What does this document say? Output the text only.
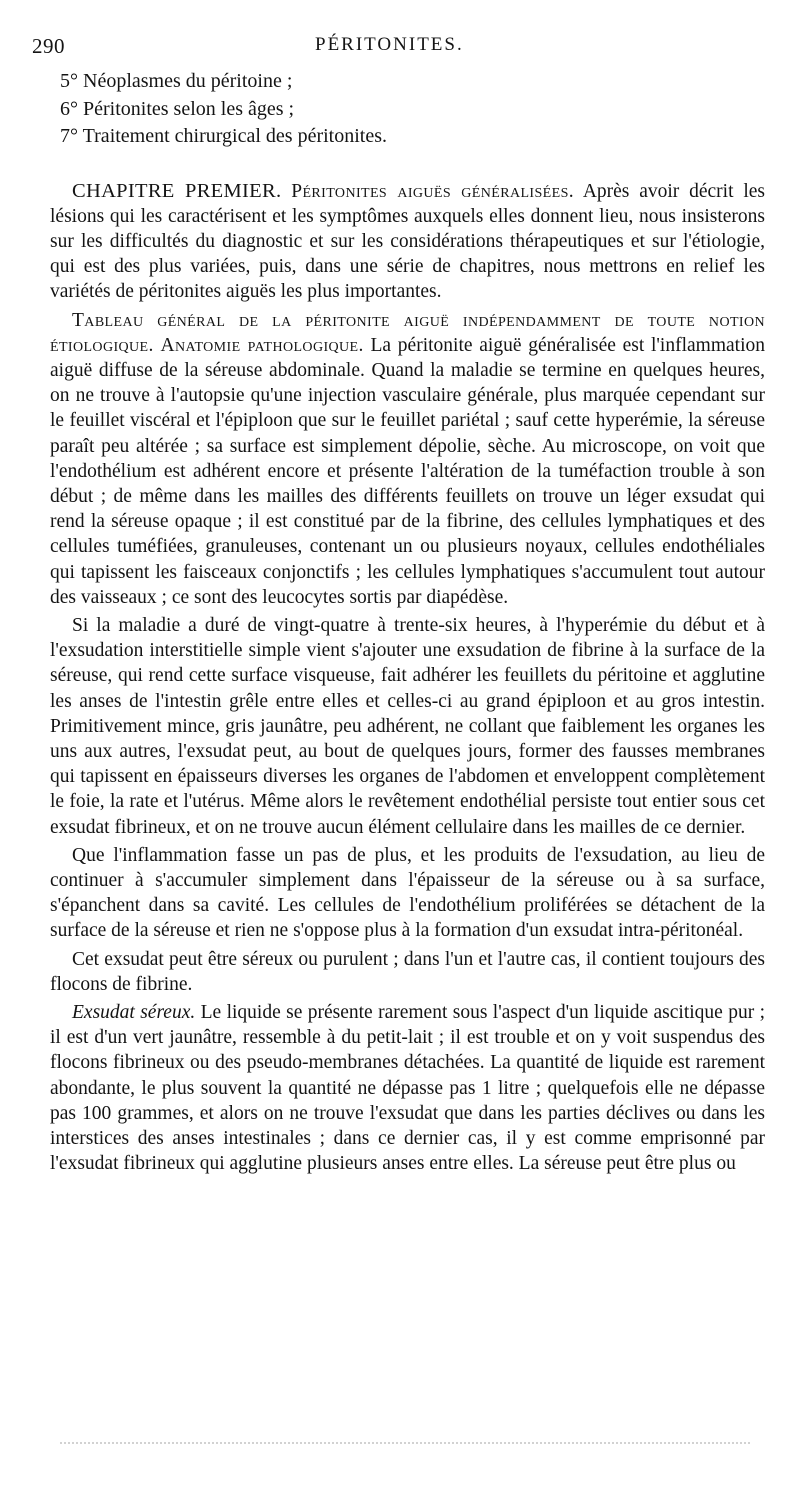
290	PÉRITONITES.
5° Néoplasmes du péritoine ;
6° Péritonites selon les âges ;
7° Traitement chirurgical des péritonites.

CHAPITRE PREMIER. Péritonites aiguës généralisées. Après avoir décrit les lésions qui les caractérisent et les symptômes auxquels elles donnent lieu, nous insisterons sur les difficultés du diagnostic et sur les considérations thérapeutiques et sur l'étiologie, qui est des plus variées, puis, dans une série de chapitres, nous mettrons en relief les variétés de péritonites aiguës les plus importantes.

Tableau général de la péritonite aiguë indépendamment de toute notion étiologique. Anatomie pathologique. La péritonite aiguë généralisée est l'inflammation aiguë diffuse de la séreuse abdominale. Quand la maladie se termine en quelques heures, on ne trouve à l'autopsie qu'une injection vasculaire générale, plus marquée cependant sur le feuillet viscéral et l'épiploon que sur le feuillet pariétal ; sauf cette hyperémie, la séreuse paraît peu altérée ; sa surface est simplement dépolie, sèche. Au microscope, on voit que l'endothélium est adhérent encore et présente l'altération de la tuméfaction trouble à son début ; de même dans les mailles des différents feuillets on trouve un léger exsudat qui rend la séreuse opaque ; il est constitué par de la fibrine, des cellules lymphatiques et des cellules tuméfiées, granuleuses, contenant un ou plusieurs noyaux, cellules endothéliales qui tapissent les faisceaux conjonctifs ; les cellules lymphatiques s'accumulent tout autour des vaisseaux ; ce sont des leucocytes sortis par diapédèse.

Si la maladie a duré de vingt-quatre à trente-six heures, à l'hyperémie du début et à l'exsudation interstitielle simple vient s'ajouter une exsudation de fibrine à la surface de la séreuse, qui rend cette surface visqueuse, fait adhérer les feuillets du péritoine et agglutine les anses de l'intestin grêle entre elles et celles-ci au grand épiploon et au gros intestin. Primitivement mince, gris jaunâtre, peu adhérent, ne collant que faiblement les organes les uns aux autres, l'exsudat peut, au bout de quelques jours, former des fausses membranes qui tapissent en épaisseurs diverses les organes de l'abdomen et enveloppent complètement le foie, la rate et l'utérus. Même alors le revêtement endothélial persiste tout entier sous cet exsudat fibrineux, et on ne trouve aucun élément cellulaire dans les mailles de ce dernier.

Que l'inflammation fasse un pas de plus, et les produits de l'exsudation, au lieu de continuer à s'accumuler simplement dans l'épaisseur de la séreuse ou à sa surface, s'épanchent dans sa cavité. Les cellules de l'endothélium proliférées se détachent de la surface de la séreuse et rien ne s'oppose plus à la formation d'un exsudat intra-péritonéal.

Cet exsudat peut être séreux ou purulent ; dans l'un et l'autre cas, il contient toujours des flocons de fibrine.

Exsudat séreux. Le liquide se présente rarement sous l'aspect d'un liquide ascitique pur ; il est d'un vert jaunâtre, ressemble à du petit-lait ; il est trouble et on y voit suspendus des flocons fibrineux ou des pseudo-membranes détachées. La quantité de liquide est rarement abondante, le plus souvent la quantité ne dépasse pas 1 litre ; quelquefois elle ne dépasse pas 100 grammes, et alors on ne trouve l'exsudat que dans les parties déclives ou dans les interstices des anses intestinales ; dans ce dernier cas, il y est comme emprisonné par l'exsudat fibrineux qui agglutine plusieurs anses entre elles. La séreuse peut être plus ou
